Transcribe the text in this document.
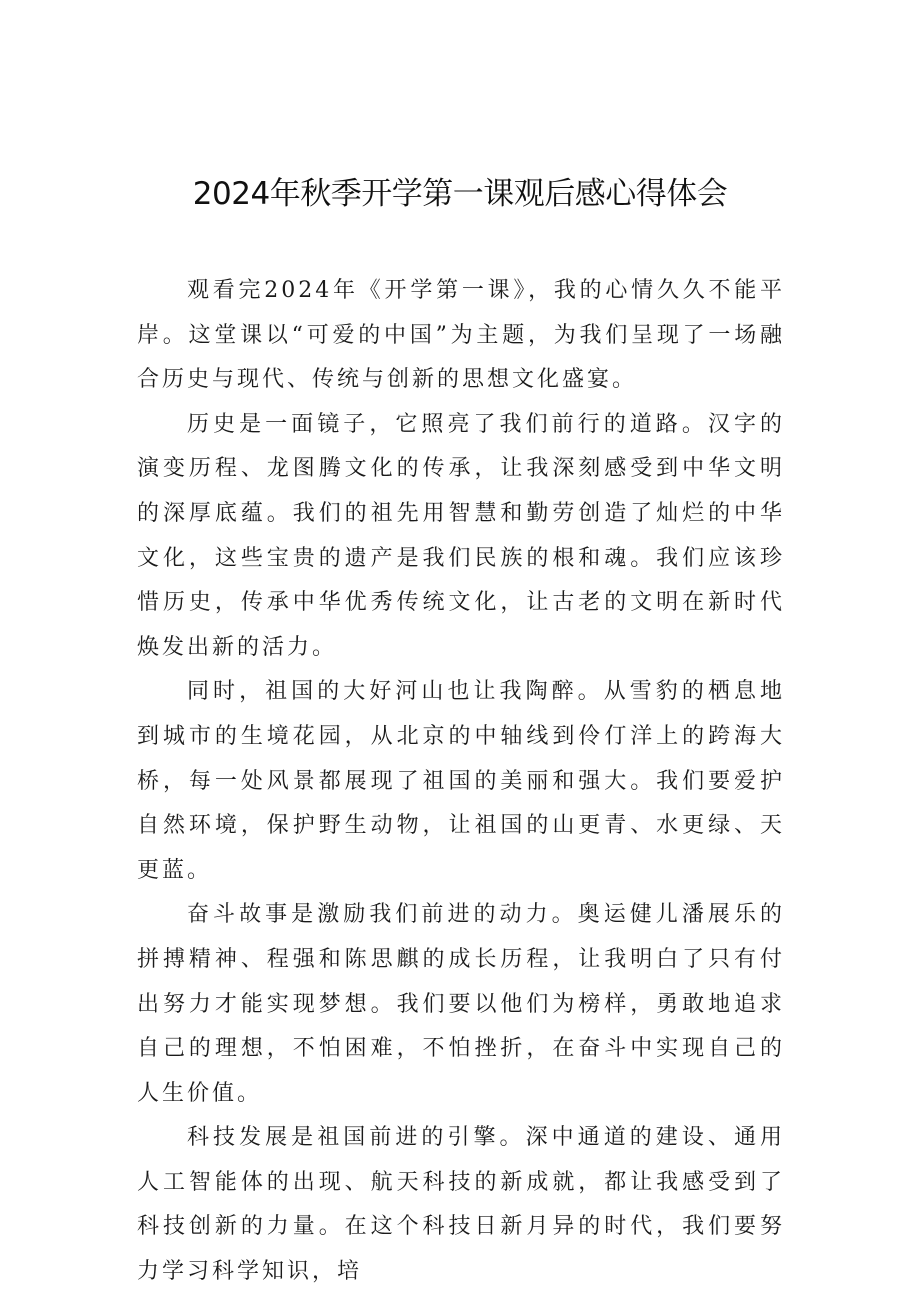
2024年秋季开学第一课观后感心得体会

观看完2024年《开学第一课》，我的心情久久不能平岸。这堂课以“可爱的中国”为主题，为我们呈现了一场融合历史与现代、传统与创新的思想文化盛宴。

历史是一面镜子，它照亮了我们前行的道路。汉字的演变历程、龙图腾文化的传承，让我深刻感受到中华文明的深厚底蕴。我们的祖先用智慧和勤劳创造了灿烂的中华文化，这些宝贵的遗产是我们民族的根和魂。我们应该珍惜历史，传承中华优秀传统文化，让古老的文明在新时代焕发出新的活力。

同时，祖国的大好河山也让我陶醉。从雪豹的栖息地到城市的生境花园，从北京的中轴线到伶仃洋上的跨海大桥，每一处风景都展现了祖国的美丽和强大。我们要爱护自然环境，保护野生动物，让祖国的山更青、水更绿、天更蓝。

奋斗故事是激励我们前进的动力。奥运健儿潘展乐的拼搏精神、程强和陈思麒的成长历程，让我明白了只有付出努力才能实现梦想。我们要以他们为榜样，勇敢地追求自己的理想，不怕困难，不怕挫折，在奋斗中实现自己的人生价值。

科技发展是祖国前进的引擎。深中通道的建设、通用人工智能体的出现、航天科技的新成就，都让我感受到了科技创新的力量。在这个科技日新月异的时代，我们要努力学习科学知识，培
